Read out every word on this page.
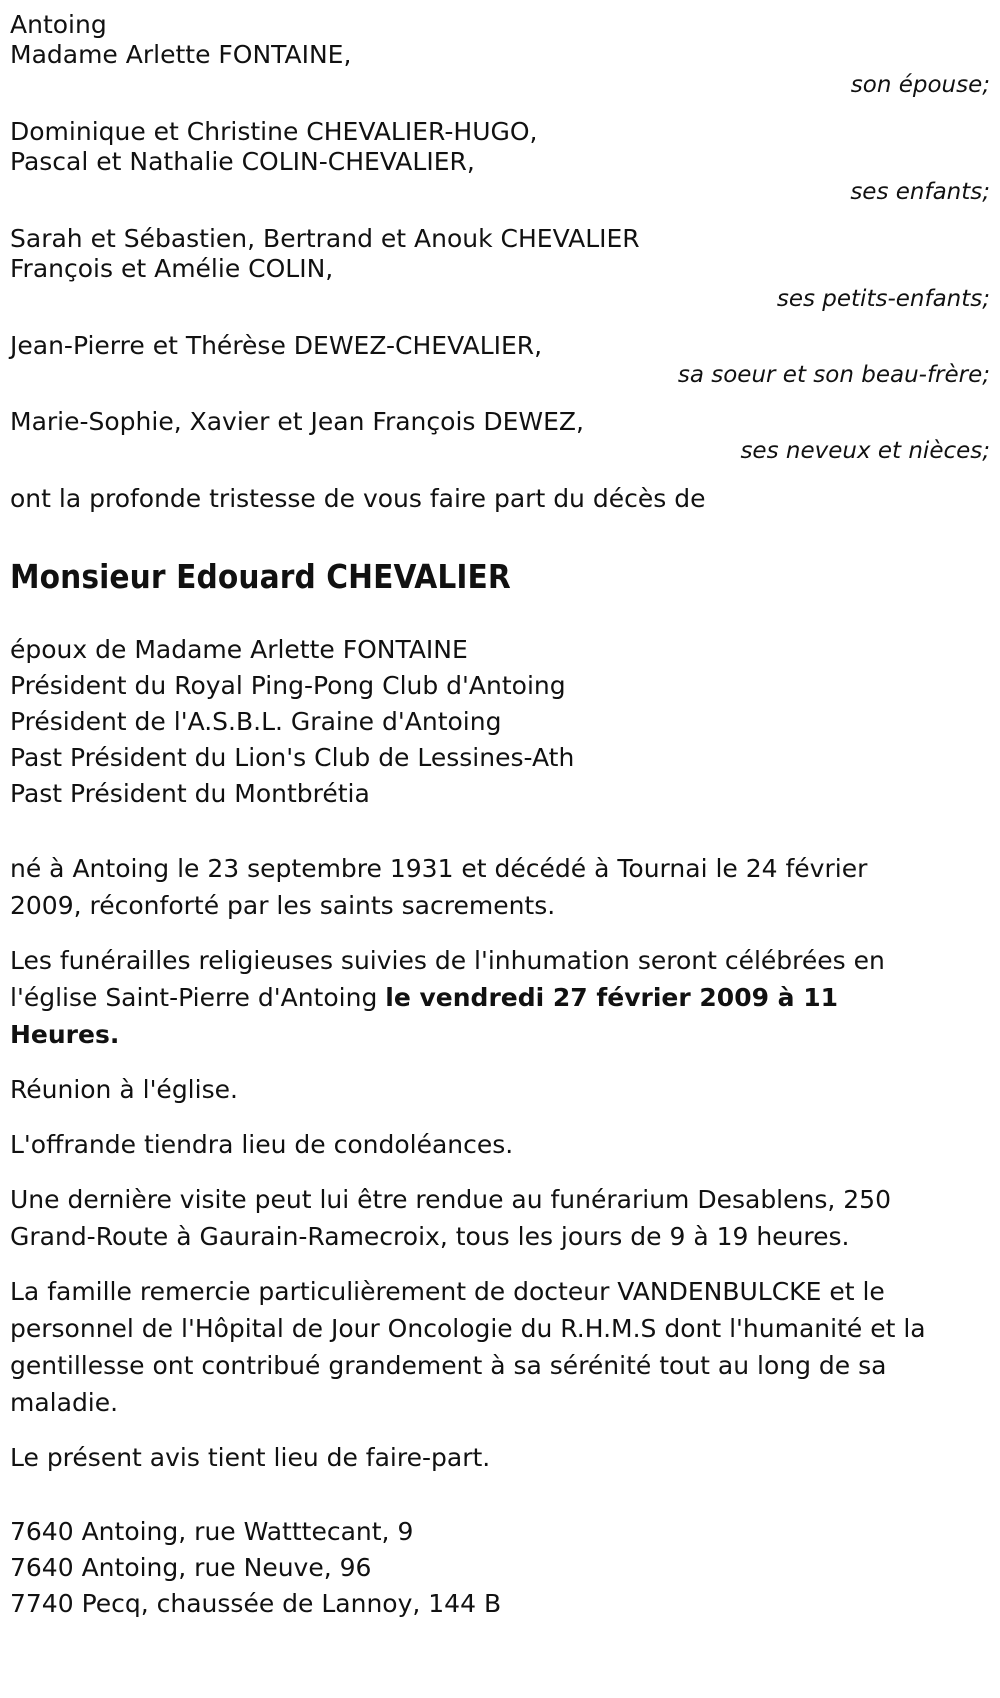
Antoing
Madame Arlette FONTAINE,
son épouse;
Dominique et Christine CHEVALIER-HUGO,
Pascal et Nathalie COLIN-CHEVALIER,
ses enfants;
Sarah et Sébastien, Bertrand et Anouk CHEVALIER
François et Amélie COLIN,
ses petits-enfants;
Jean-Pierre et Thérèse DEWEZ-CHEVALIER,
sa soeur et son beau-frère;
Marie-Sophie, Xavier et Jean François DEWEZ,
ses neveux et nièces;
ont la profonde tristesse de vous faire part du décès de
Monsieur Edouard CHEVALIER
époux de Madame Arlette FONTAINE
Président du Royal Ping-Pong Club d'Antoing
Président de l'A.S.B.L. Graine d'Antoing
Past Président du Lion's Club de Lessines-Ath
Past Président du Montbrétia

né à Antoing le 23 septembre 1931 et décédé à Tournai le 24 février 2009, réconforté par les saints sacrements.

Les funérailles religieuses suivies de l'inhumation seront célébrées en l'église Saint-Pierre d'Antoing le vendredi 27 février 2009 à 11 Heures.

Réunion à l'église.

L'offrande tiendra lieu de condoléances.

Une dernière visite peut lui être rendue au funérarium Desablens, 250 Grand-Route à Gaurain-Ramecroix, tous les jours de 9 à 19 heures.

La famille remercie particulièrement de docteur VANDENBULCKE et le personnel de l'Hôpital de Jour Oncologie du R.H.M.S dont l'humanité et la gentillesse ont contribué grandement à sa sérénité tout au long de sa maladie.

Le présent avis tient lieu de faire-part.

7640 Antoing, rue Watttecant, 9
7640 Antoing, rue Neuve, 96
7740 Pecq, chaussée de Lannoy, 144 B
